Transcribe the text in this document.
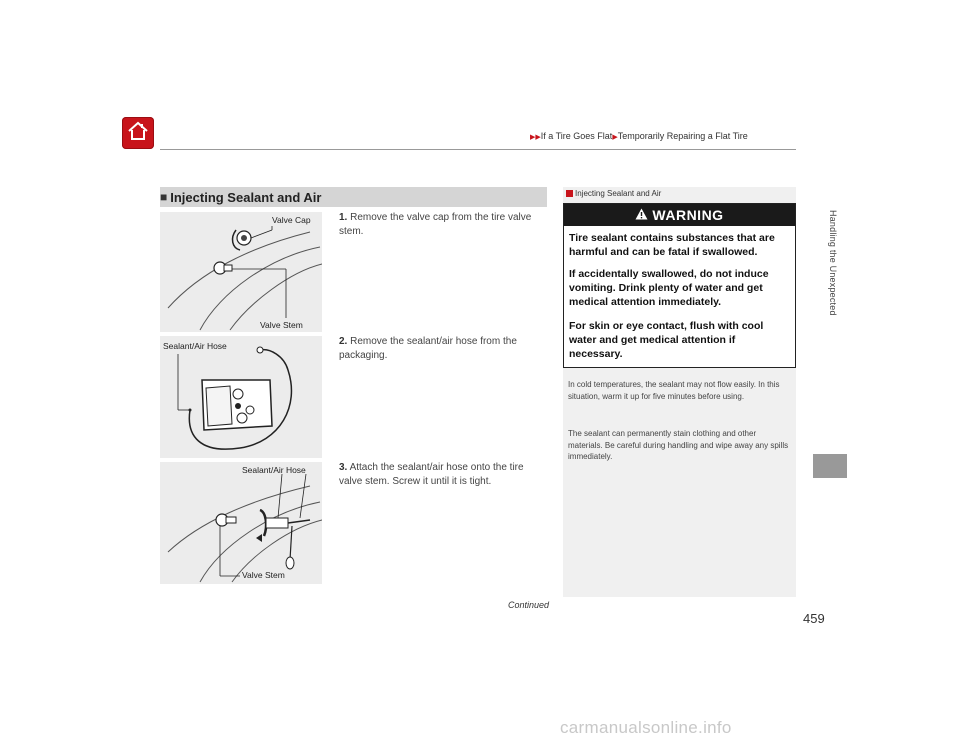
▶▶If a Tire Goes Flat▶Temporarily Repairing a Flat Tire
Handling the Unexpected
■ Injecting Sealant and Air
Valve Cap
Valve Stem
Sealant/Air Hose
Sealant/Air Hose
Valve Stem
1. Remove the valve cap from the tire valve stem.
2. Remove the sealant/air hose from the packaging.
3. Attach the sealant/air hose onto the tire valve stem. Screw it until it is tight.
Injecting Sealant and Air
WARNING
Tire sealant contains substances that are harmful and can be fatal if swallowed.
If accidentally swallowed, do not induce vomiting. Drink plenty of water and get medical attention immediately.
For skin or eye contact, flush with cool water and get medical attention if necessary.
In cold temperatures, the sealant may not flow easily. In this situation, warm it up for five minutes before using.
The sealant can permanently stain clothing and other materials. Be careful during handling and wipe away any spills immediately.
Continued
459
carmanualsonline.info
